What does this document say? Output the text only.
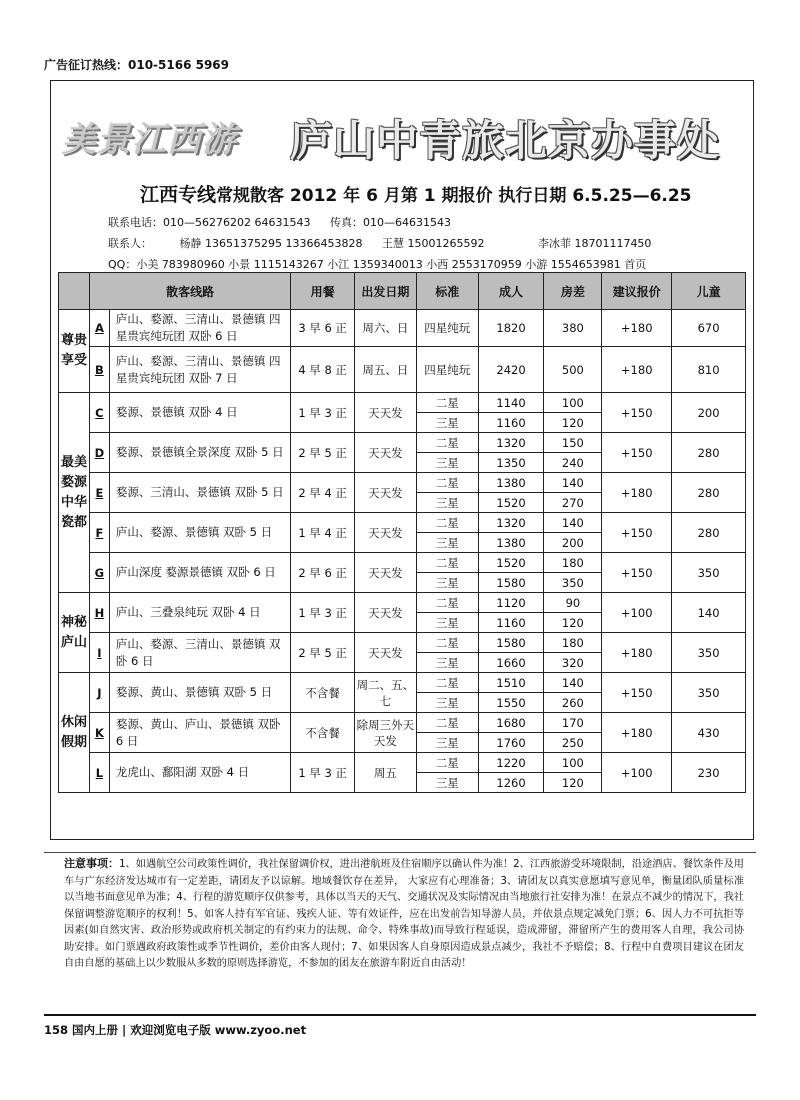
广告征订热线：010-5166 5969
美景江西游 庐山中青旅北京办事处
江西专线常规散客 2012 年 6 月第 1 期报价 执行日期 6.5.25—6.25
联系电话：010—56276202 64631543 传真：010—64631543
联系人：	杨静 13651375295 13366453828 王慧 15001265592	李冰菲 18701117450
QQ：小美 783980960 小景 1115143267 小江 1359340013 小西 2553170959 小游 1554653981 首页
	散客线路		用餐	出发日期	标准	成人	房差	建议报价	儿童
尊贵享受	A	庐山、婺源、三清山、景德镇 四星贵宾纯玩团 双卧 6 日	3 早 6 正	周六、日	四星纯玩	1820	380	+180	670
	B	庐山、婺源、三清山、景德镇 四星贵宾纯玩团 双卧 7 日	4 早 8 正	周五、日	四星纯玩	2420	500	+180	810
最美婺源 中华瓷都	C	婺源、景德镇 双卧 4 日	1 早 3 正	天天发	二星	1140	100	+150	200
					三星	1160	120		
	D	婺源、景德镇全景深度 双卧 5 日	2 早 5 正	天天发	二星	1320	150	+150	280
					三星	1350	240		
	E	婺源、三清山、景德镇 双卧 5 日	2 早 4 正	天天发	二星	1380	140	+180	280
					三星	1520	270		
	F	庐山、婺源、景德镇 双卧 5 日	1 早 4 正	天天发	二星	1320	140	+150	280
					三星	1380	200		
	G	庐山深度 婺源景德镇 双卧 6 日	2 早 6 正	天天发	二星	1520	180	+150	350
					三星	1580	350		
神秘庐山	H	庐山、三叠泉纯玩 双卧 4 日	1 早 3 正	天天发	二星	1120	90	+100	140
					三星	1160	120		
	I	庐山、婺源、三清山、景德镇 双卧 6 日	2 早 5 正	天天发	二星	1580	180	+180	350
					三星	1660	320		
休闲假期	J	婺源、黄山、景德镇 双卧 5 日	不含餐	周二、五、七	二星	1510	140	+150	350
					三星	1550	260		
	K	婺源、黄山、庐山、景德镇 双卧 6 日	不含餐	除周三外天天发	二星	1680	170	+180	430
					三星	1760	250		
	L	龙虎山、鄱阳湖 双卧 4 日	1 早 3 正	周五	二星	1220	100	+100	230
					三星	1260	120		
注意事项：1、如遇航空公司政策性调价，我社保留调价权，进出港航班及住宿顺序以确认件为准！2、江西旅游受环境限制，沿途酒店、餐饮条件及用车与广东经济发达城市有一定差距，请团友予以谅解。地域餐饮存在差异， 大家应有心理准备；3、请团友以真实意愿填写意见单，衡量团队质量标准以当地书面意见单为准；4、行程的游览顺序仅供参考，具体以当天的天气、交通状况及实际情况由当地旅行社安排为准！在景点不减少的情况下，我社保留调整游览顺序的权利！5、如客人持有军官证、残疾人证、等有效证件，应在出发前告知导游人员，并依景点规定减免门票；6、因人力不可抗拒等因素(如自然灾害、政治形势或政府机关制定的有约束力的法规、命令、特殊事故)而导致行程延误，造成滞留，滞留所产生的费用客人自理，我公司协助安排。如门票遇政府政策性或季节性调价，差价由客人现付；7、如果因客人自身原因造成景点减少，我社不予赔偿；8、行程中自费项目建议在团友自由自愿的基础上以少数服从多数的原则选择游览，不参加的团友在旅游车附近自由活动！
158 国内上册 | 欢迎浏览电子版 www.zyoo.net
